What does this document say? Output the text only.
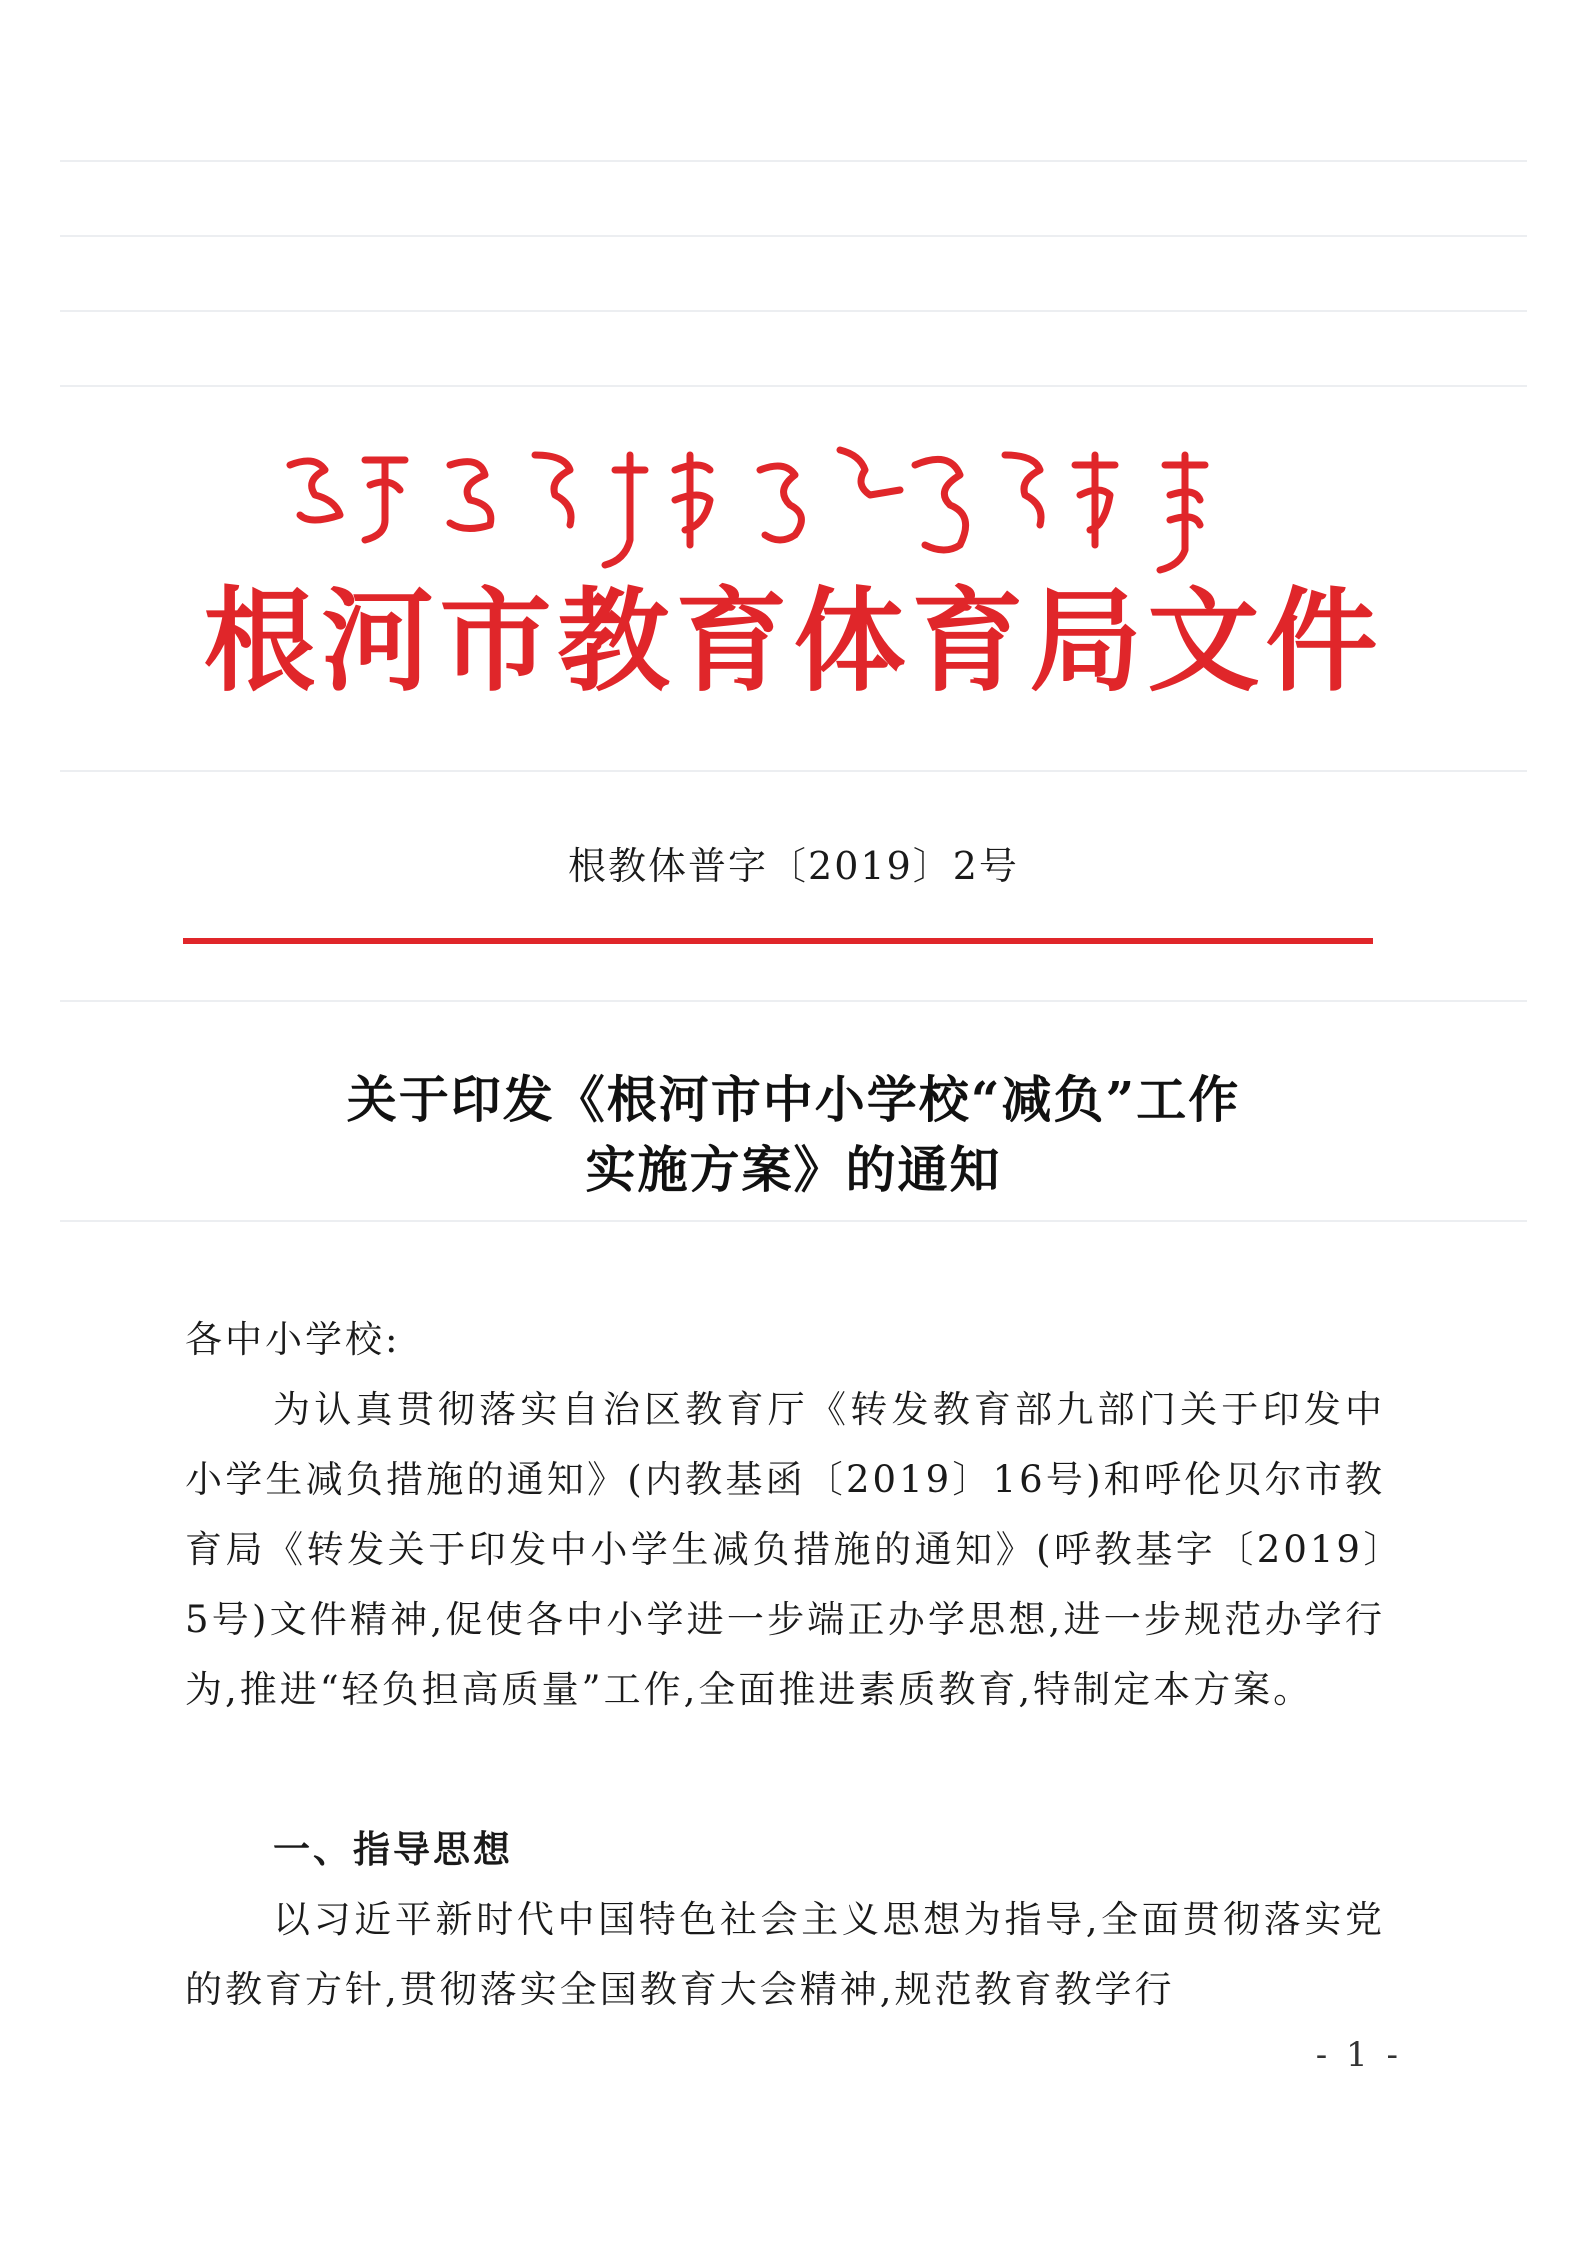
根河市教育体育局文件
根教体普字〔2019〕2号
关于印发《根河市中小学校“减负”工作
实施方案》的通知
各中小学校:
为认真贯彻落实自治区教育厅《转发教育部九部门关于印发中小学生减负措施的通知》(内教基函〔2019〕16号)和呼伦贝尔市教育局《转发关于印发中小学生减负措施的通知》(呼教基字〔2019〕5号)文件精神,促使各中小学进一步端正办学思想,进一步规范办学行为,推进“轻负担高质量”工作,全面推进素质教育,特制定本方案。
一、指导思想
以习近平新时代中国特色社会主义思想为指导,全面贯彻落实党的教育方针,贯彻落实全国教育大会精神,规范教育教学行
- 1 -
